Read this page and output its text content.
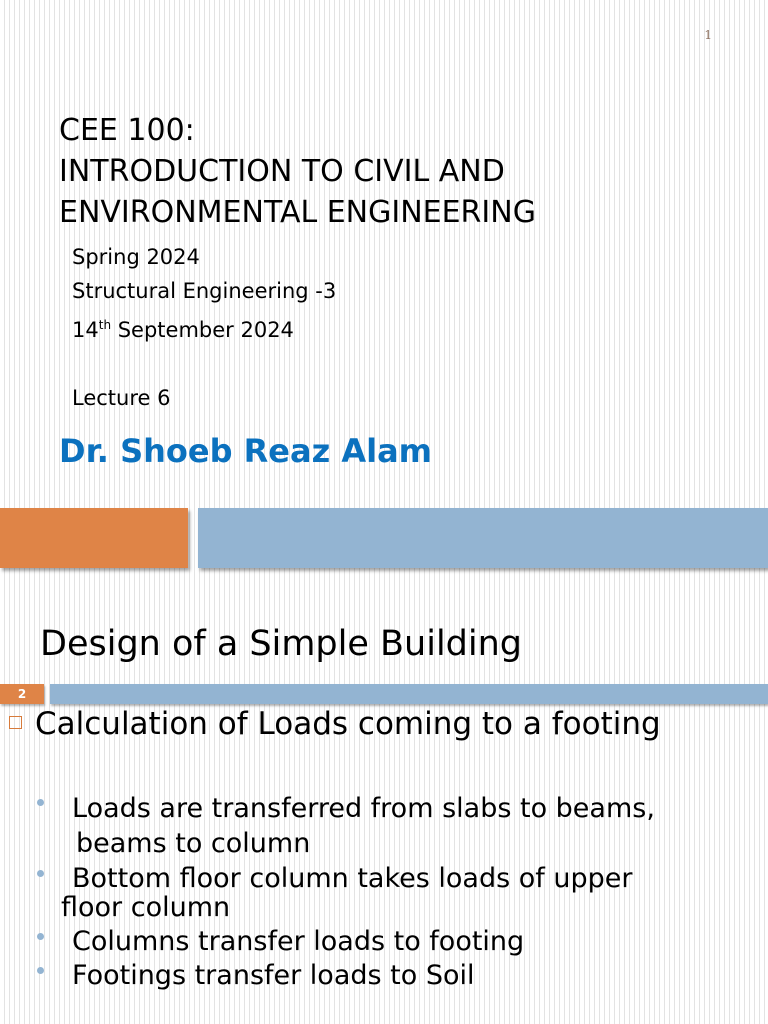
1
CEE 100:
INTRODUCTION TO CIVIL AND
ENVIRONMENTAL ENGINEERING
Spring 2024
Structural Engineering -3
14th September 2024

Lecture 6
Dr. Shoeb Reaz Alam
Design of a Simple Building
2
Calculation of Loads coming to a footing
Loads are transferred from slabs to beams,
beams to column
Bottom floor column takes loads of upper
floor column
Columns transfer loads to footing
Footings transfer loads to Soil
